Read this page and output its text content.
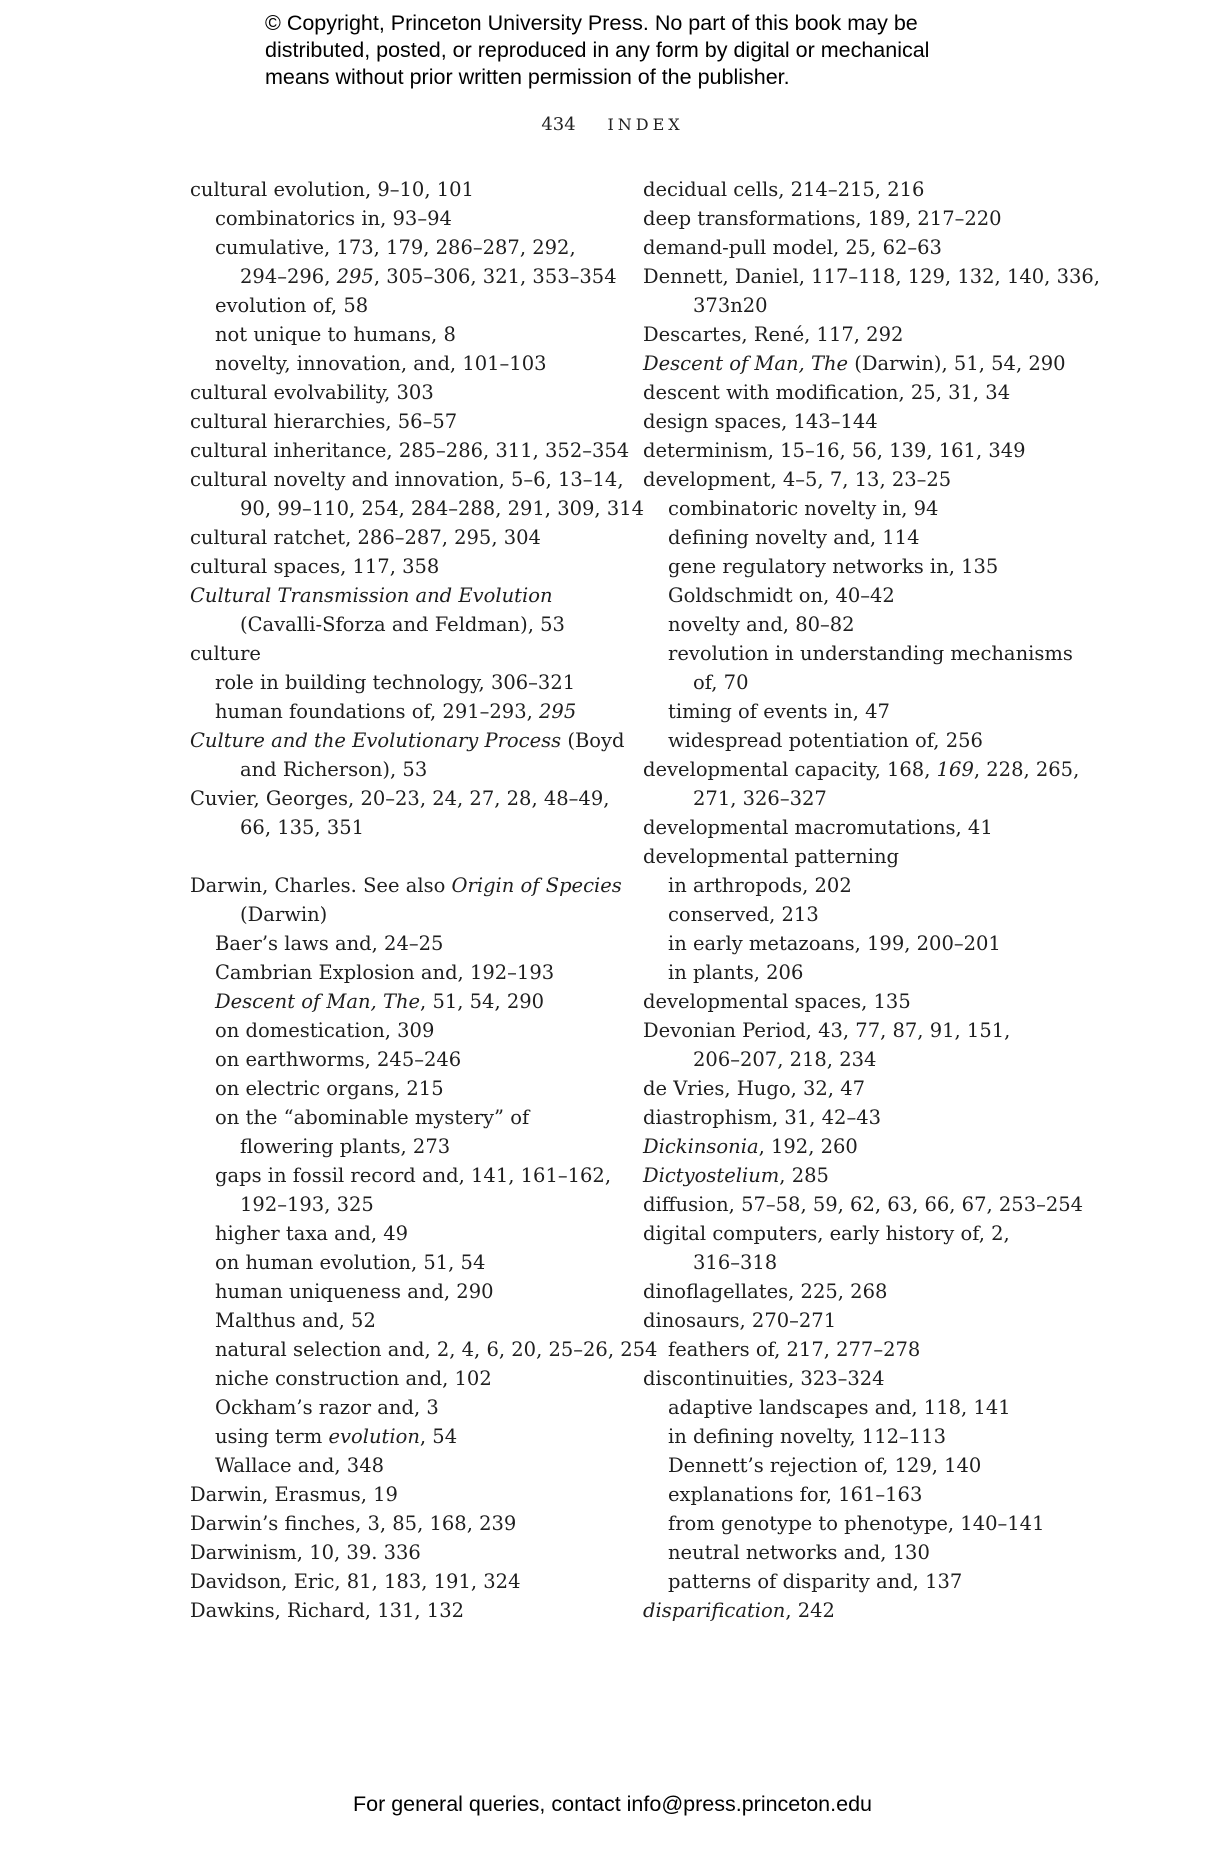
© Copyright, Princeton University Press. No part of this book may be
distributed, posted, or reproduced in any form by digital or mechanical
means without prior written permission of the publisher.
434 INDEX
cultural evolution, 9–10, 101
combinatorics in, 93–94
cumulative, 173, 179, 286–287, 292,
294–296, 295, 305–306, 321, 353–354
evolution of, 58
not unique to humans, 8
novelty, innovation, and, 101–103
cultural evolvability, 303
cultural hierarchies, 56–57
cultural inheritance, 285–286, 311, 352–354
cultural novelty and innovation, 5–6, 13–14,
90, 99–110, 254, 284–288, 291, 309, 314
cultural ratchet, 286–287, 295, 304
cultural spaces, 117, 358
Cultural Transmission and Evolution
(Cavalli-Sforza and Feldman), 53
culture
role in building technology, 306–321
human foundations of, 291–293, 295
Culture and the Evolutionary Process (Boyd
and Richerson), 53
Cuvier, Georges, 20–23, 24, 27, 28, 48–49,
66, 135, 351
Darwin, Charles. See also Origin of Species
(Darwin)
Baer’s laws and, 24–25
Cambrian Explosion and, 192–193
Descent of Man, The, 51, 54, 290
on domestication, 309
on earthworms, 245–246
on electric organs, 215
on the “abominable mystery” of
flowering plants, 273
gaps in fossil record and, 141, 161–162,
192–193, 325
higher taxa and, 49
on human evolution, 51, 54
human uniqueness and, 290
Malthus and, 52
natural selection and, 2, 4, 6, 20, 25–26, 254
niche construction and, 102
Ockham’s razor and, 3
using term evolution, 54
Wallace and, 348
Darwin, Erasmus, 19
Darwin’s finches, 3, 85, 168, 239
Darwinism, 10, 39. 336
Davidson, Eric, 81, 183, 191, 324
Dawkins, Richard, 131, 132
decidual cells, 214–215, 216
deep transformations, 189, 217–220
demand-pull model, 25, 62–63
Dennett, Daniel, 117–118, 129, 132, 140, 336,
373n20
Descartes, René, 117, 292
Descent of Man, The (Darwin), 51, 54, 290
descent with modification, 25, 31, 34
design spaces, 143–144
determinism, 15–16, 56, 139, 161, 349
development, 4–5, 7, 13, 23–25
combinatoric novelty in, 94
defining novelty and, 114
gene regulatory networks in, 135
Goldschmidt on, 40–42
novelty and, 80–82
revolution in understanding mechanisms
of, 70
timing of events in, 47
widespread potentiation of, 256
developmental capacity, 168, 169, 228, 265,
271, 326–327
developmental macromutations, 41
developmental patterning
in arthropods, 202
conserved, 213
in early metazoans, 199, 200–201
in plants, 206
developmental spaces, 135
Devonian Period, 43, 77, 87, 91, 151,
206–207, 218, 234
de Vries, Hugo, 32, 47
diastrophism, 31, 42–43
Dickinsonia, 192, 260
Dictyostelium, 285
diffusion, 57–58, 59, 62, 63, 66, 67, 253–254
digital computers, early history of, 2,
316–318
dinoflagellates, 225, 268
dinosaurs, 270–271
feathers of, 217, 277–278
discontinuities, 323–324
adaptive landscapes and, 118, 141
in defining novelty, 112–113
Dennett’s rejection of, 129, 140
explanations for, 161–163
from genotype to phenotype, 140–141
neutral networks and, 130
patterns of disparity and, 137
disparification, 242
For general queries, contact info@press.princeton.edu
